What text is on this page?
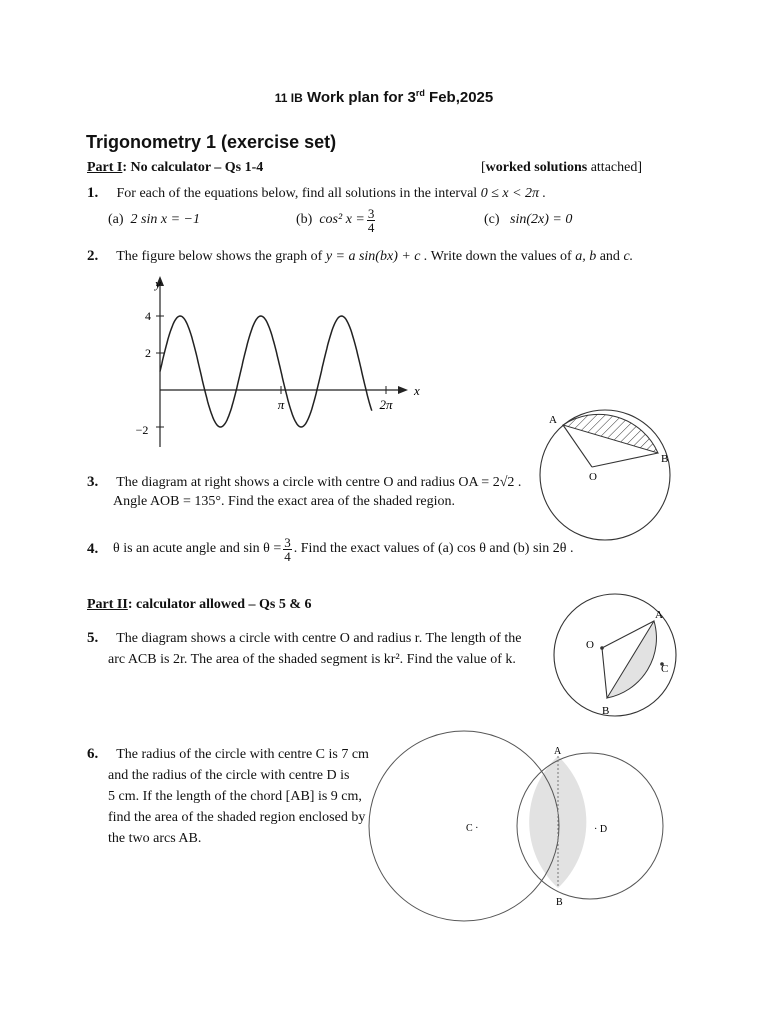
11 IB Work plan for 3rd Feb,2025
Trigonometry 1 (exercise set)
Part I: No calculator – Qs 1-4	[worked solutions attached]
1. For each of the equations below, find all solutions in the interval 0 ≤ x < 2π .
(a)
2 sin x = −1	(b)
cos² $x = \frac{3}{4}$	(c)
sin(2x) = 0
2. The figure below shows the graph of y = a sin(bx) + c . Write down the values of a, b and c.
y
x
4
2
−2
π	2π
A
B
O
3. The diagram at right shows a circle with centre O and radius OA = 2√2 .
Angle AOB = 135°. Find the exact area of the shaded region.
4.	θ is an acute angle and $\sin \theta = \frac{3}{4}$ . Find the exact values of (a) cos θ and (b) sin 2θ .
Part II: calculator allowed – Qs 5 & 6
5. The diagram shows a circle with centre O and radius r. The length of the
arc ACB is 2r. The area of the shaded segment is kr². Find the value of k.
O
A
C
B
6. The radius of the circle with centre C is 7 cm
and the radius of the circle with centre D is
5 cm. If the length of the chord [AB] is 9 cm,
find the area of the shaded region enclosed by
the two arcs AB.
A
B
C ·	· D
